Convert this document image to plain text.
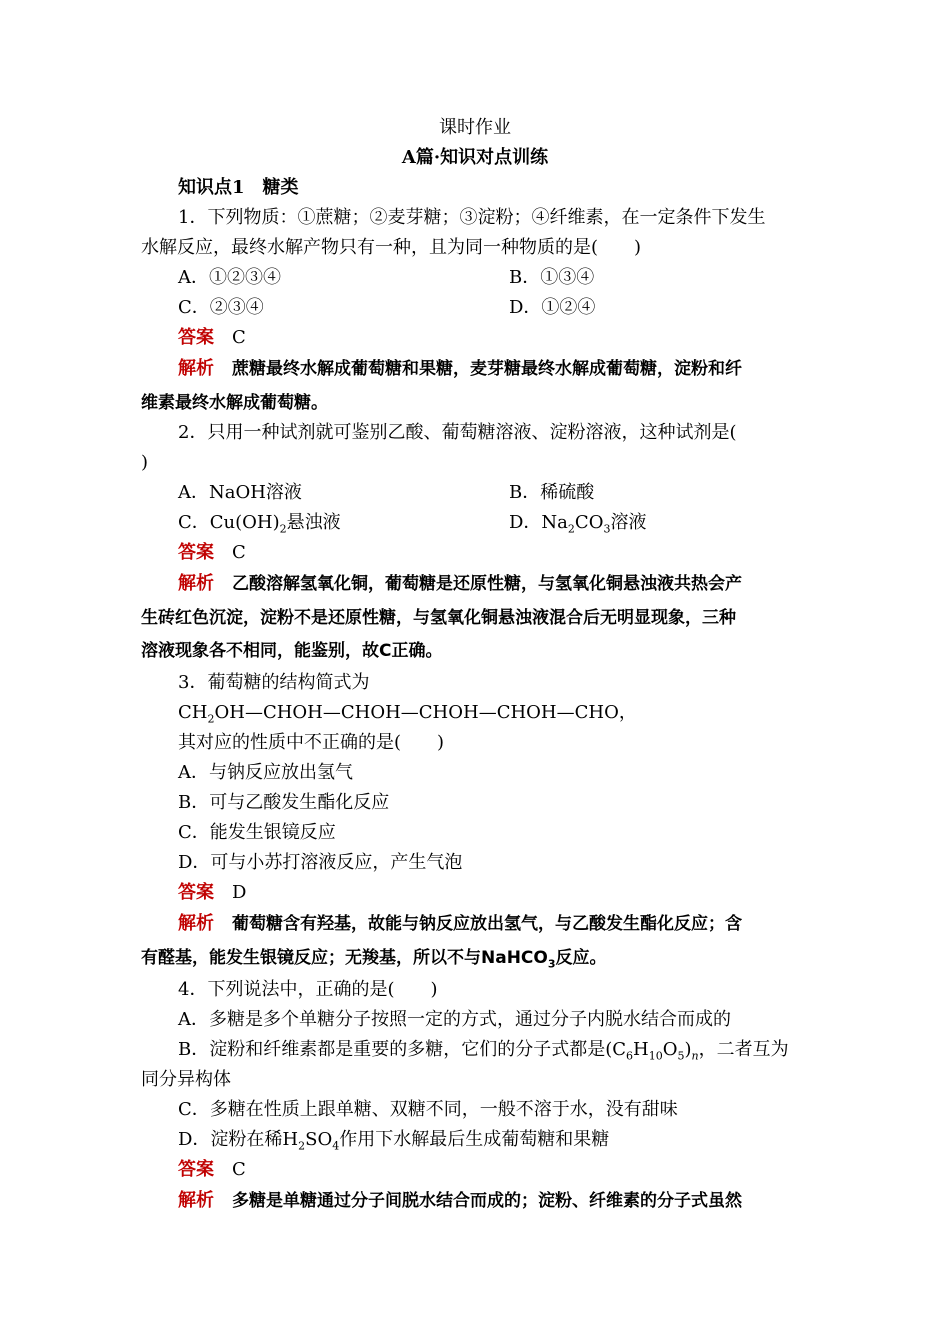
课时作业
A篇·知识对点训练
知识点1　糖类
1．下列物质：①蔗糖；②麦芽糖；③淀粉；④纤维素，在一定条件下发生
水解反应，最终水解产物只有一种，且为同一种物质的是(　　)
A．①②③④	B．①③④
C．②③④	D．①②④
答案 C
解析 蔗糖最终水解成葡萄糖和果糖，麦芽糖最终水解成葡萄糖，淀粉和纤
维素最终水解成葡萄糖。
2．只用一种试剂就可鉴别乙酸、葡萄糖溶液、淀粉溶液，这种试剂是(
)
A．NaOH溶液	B．稀硫酸
C．$Cu(OH)_2$悬浊液	D．$Na_2CO_3$溶液
答案 C
解析 乙酸溶解氢氧化铜，葡萄糖是还原性糖，与氢氧化铜悬浊液共热会产
生砖红色沉淀，淀粉不是还原性糖，与氢氧化铜悬浊液混合后无明显现象，三种
溶液现象各不相同，能鉴别，故C正确。
3．葡萄糖的结构简式为
$CH_2OH—CHOH—CHOH—CHOH—CHOH—CHO$，
其对应的性质中不正确的是(　　)
A．与钠反应放出氢气
B．可与乙酸发生酯化反应
C．能发生银镜反应
D．可与小苏打溶液反应，产生气泡
答案 D
解析 葡萄糖含有羟基，故能与钠反应放出氢气，与乙酸发生酯化反应；含
有醛基，能发生银镜反应；无羧基，所以不与NaHCO$_3$反应。
4．下列说法中，正确的是(　　)
A．多糖是多个单糖分子按照一定的方式，通过分子内脱水结合而成的
B．淀粉和纤维素都是重要的多糖，它们的分子式都是$(C_6H_{10}O_5)_n$，二者互为
同分异构体
C．多糖在性质上跟单糖、双糖不同，一般不溶于水，没有甜味
D．淀粉在稀$H_2SO_4$作用下水解最后生成葡萄糖和果糖
答案 C
解析 多糖是单糖通过分子间脱水结合而成的；淀粉、纤维素的分子式虽然
